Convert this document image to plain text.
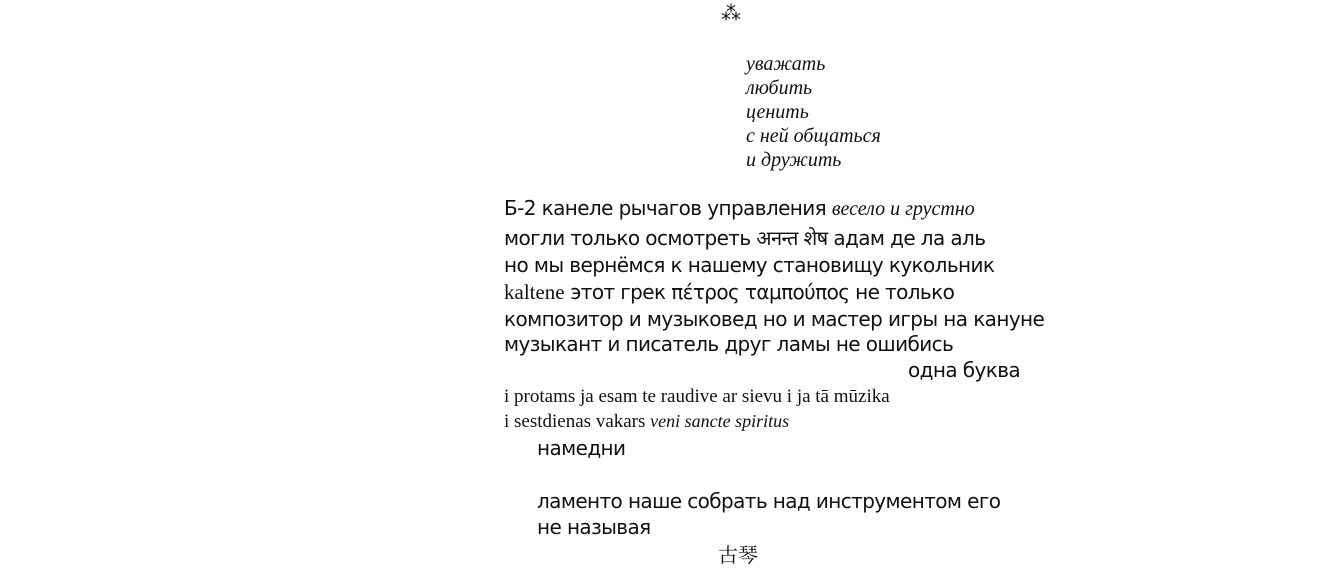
⁂
уважать
любить
ценить
с ней общаться
и дружить
Б-2 канеле рычагов управления весело и грустно
могли только осмотреть अनन्त शेष адам де ла аль
но мы вернёмся к нашему становищу кукольник
kaltene этот грек πέτρος ταμπούπος не только
композитор и музыковед но и мастер игры на кануне
музыкант и писатель друг ламы не ошибись
одна буква
i protams ja esam te raudive ar sievu i ja tā mūzika
i sestdienas vakars veni sancte spiritus
намедни
ламенто наше собрать над инструментом его
не называя
古琴
